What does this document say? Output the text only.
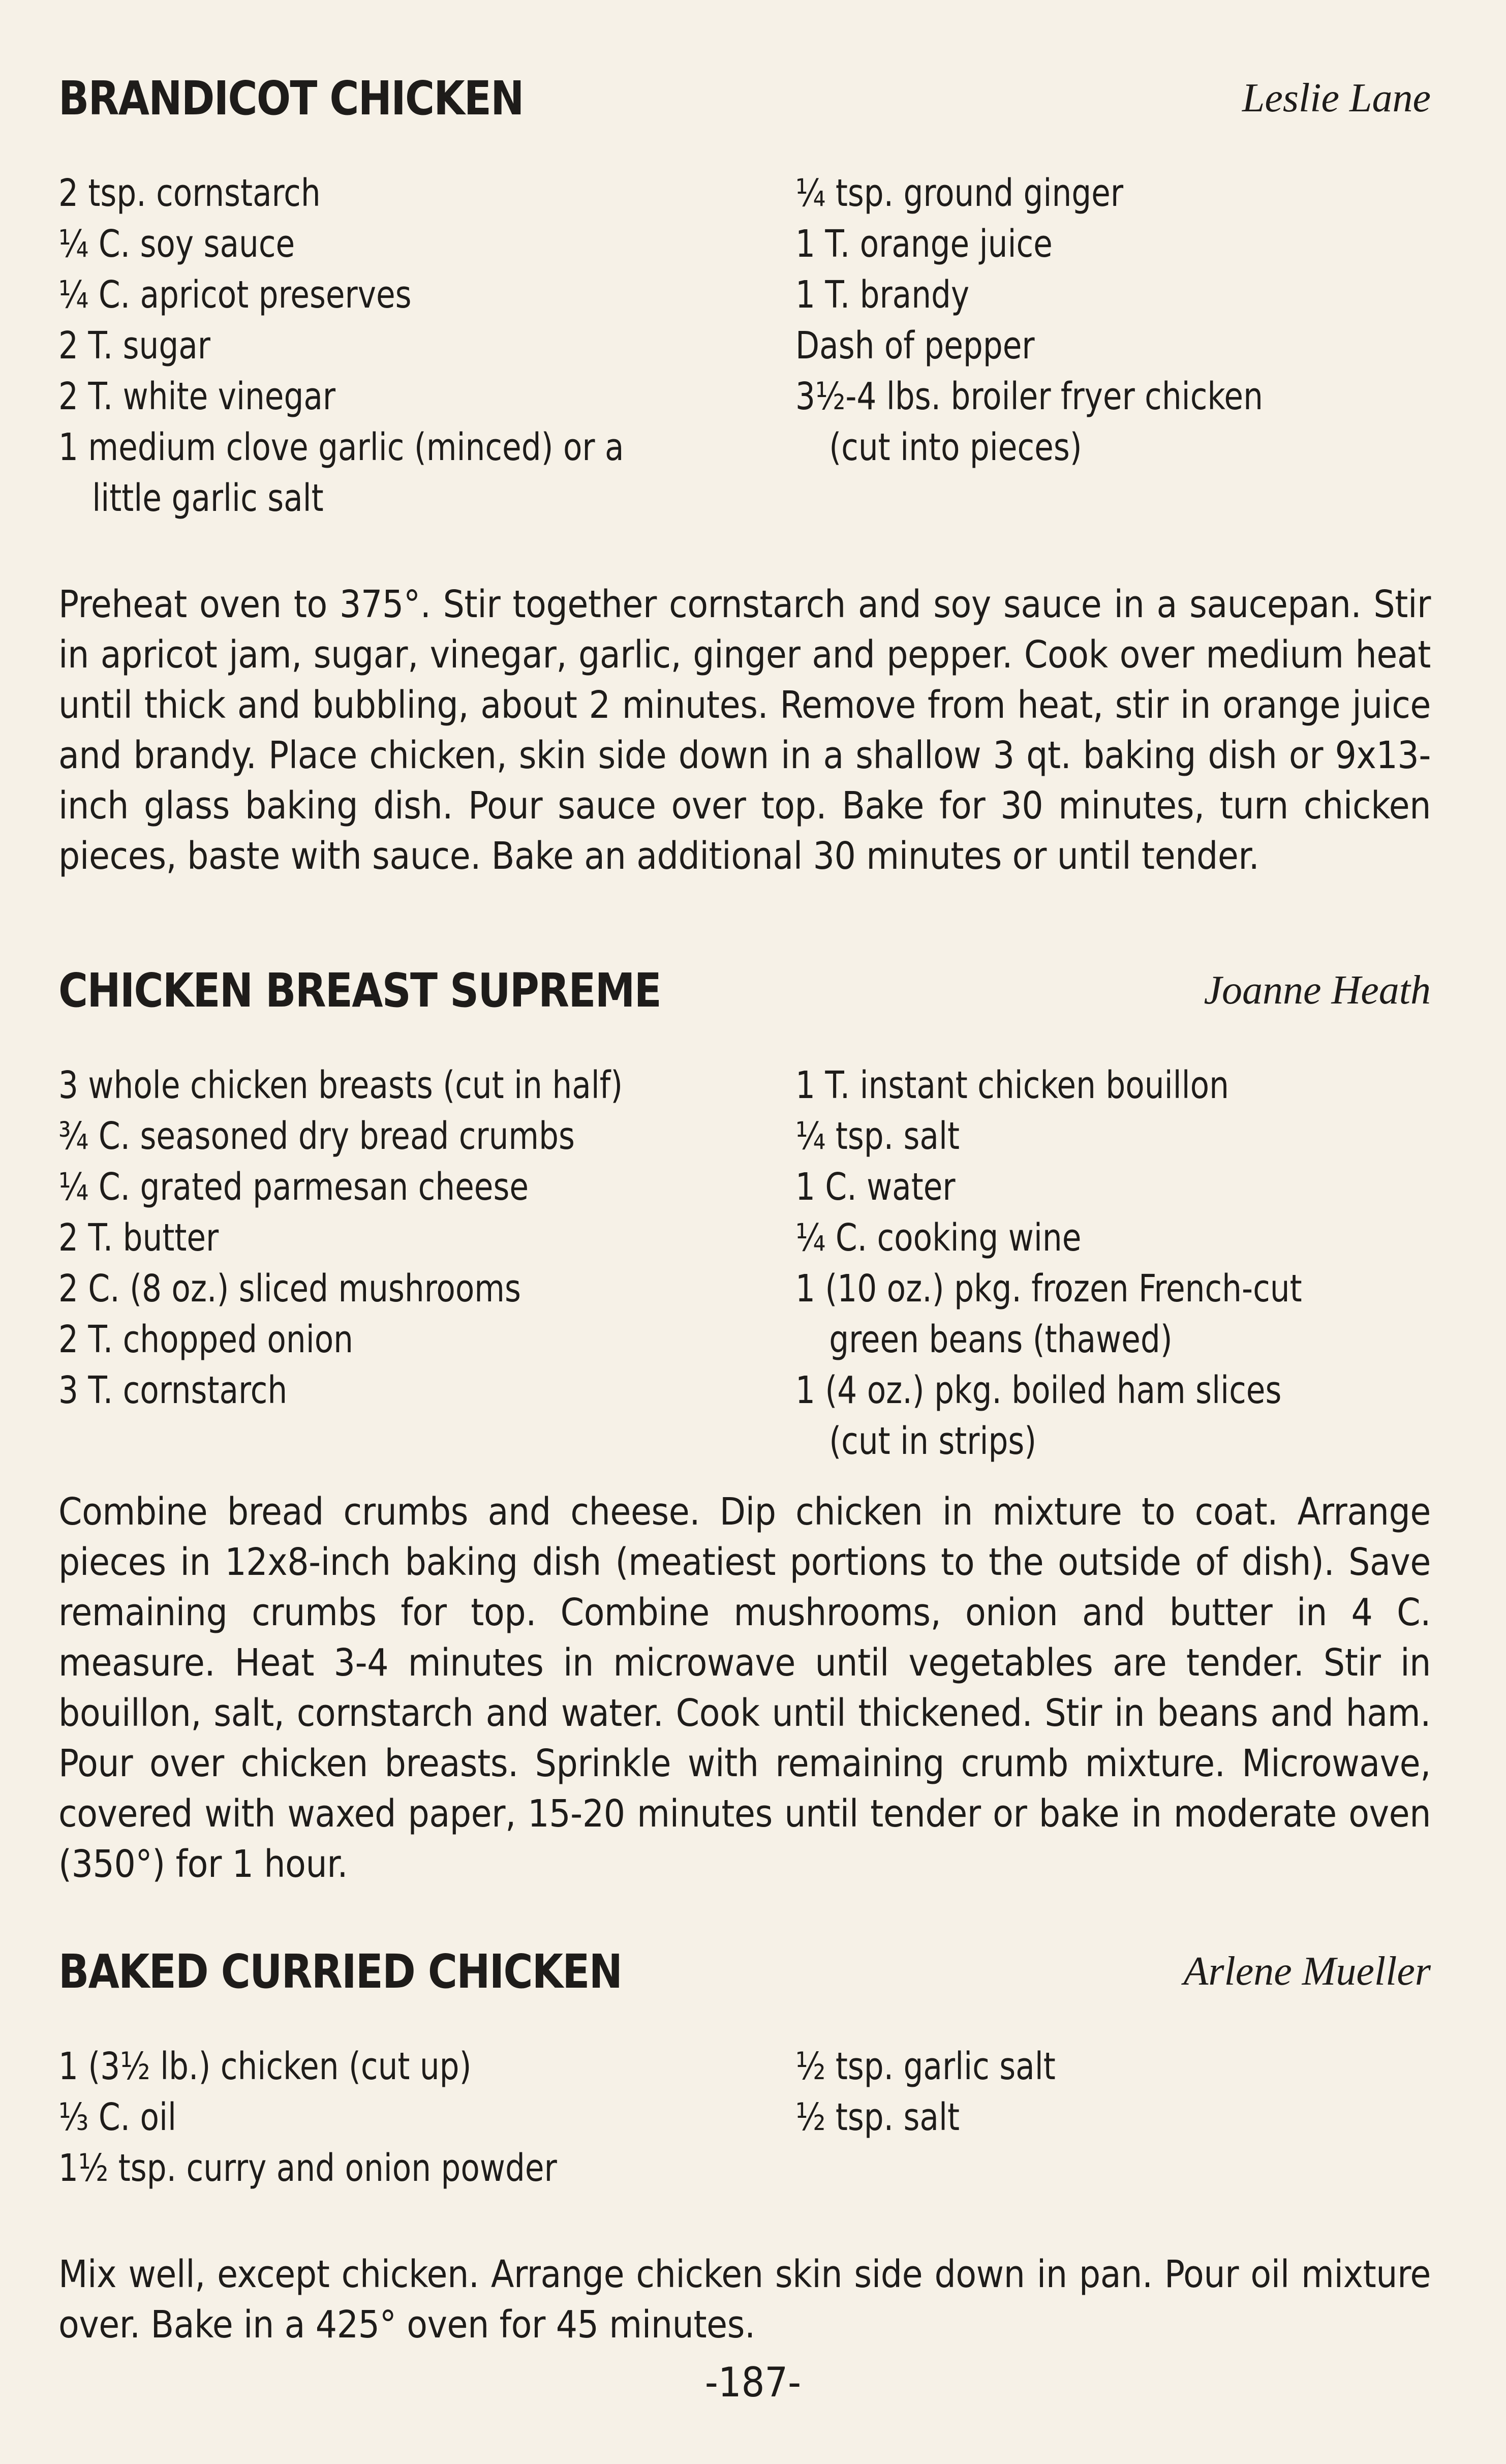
BRANDICOT CHICKEN	Leslie Lane
2 tsp. cornstarch
¼ C. soy sauce
¼ C. apricot preserves
2 T. sugar
2 T. white vinegar
1 medium clove garlic (minced) or a
little garlic salt
¼ tsp. ground ginger
1 T. orange juice
1 T. brandy
Dash of pepper
3½-4 lbs. broiler fryer chicken
(cut into pieces)
Preheat oven to 375°. Stir together cornstarch and soy sauce in a saucepan. Stir in apricot jam, sugar, vinegar, garlic, ginger and pepper. Cook over medium heat until thick and bubbling, about 2 minutes. Remove from heat, stir in orange juice and brandy. Place chicken, skin side down in a shallow 3 qt. baking dish or 9x13-inch glass baking dish. Pour sauce over top. Bake for 30 minutes, turn chicken pieces, baste with sauce. Bake an additional 30 minutes or until tender.
CHICKEN BREAST SUPREME	Joanne Heath
3 whole chicken breasts (cut in half)
¾ C. seasoned dry bread crumbs
¼ C. grated parmesan cheese
2 T. butter
2 C. (8 oz.) sliced mushrooms
2 T. chopped onion
3 T. cornstarch
1 T. instant chicken bouillon
¼ tsp. salt
1 C. water
¼ C. cooking wine
1 (10 oz.) pkg. frozen French-cut
green beans (thawed)
1 (4 oz.) pkg. boiled ham slices
(cut in strips)
Combine bread crumbs and cheese. Dip chicken in mixture to coat. Arrange pieces in 12x8-inch baking dish (meatiest portions to the outside of dish). Save remaining crumbs for top. Combine mushrooms, onion and butter in 4 C. measure. Heat 3-4 minutes in microwave until vegetables are tender. Stir in bouillon, salt, cornstarch and water. Cook until thickened. Stir in beans and ham. Pour over chicken breasts. Sprinkle with remaining crumb mixture. Microwave, covered with waxed paper, 15-20 minutes until tender or bake in moderate oven (350°) for 1 hour.
BAKED CURRIED CHICKEN	Arlene Mueller
1 (3½ lb.) chicken (cut up)
⅓ C. oil
1½ tsp. curry and onion powder
½ tsp. garlic salt
½ tsp. salt
Mix well, except chicken. Arrange chicken skin side down in pan. Pour oil mixture over. Bake in a 425° oven for 45 minutes.
-187-
